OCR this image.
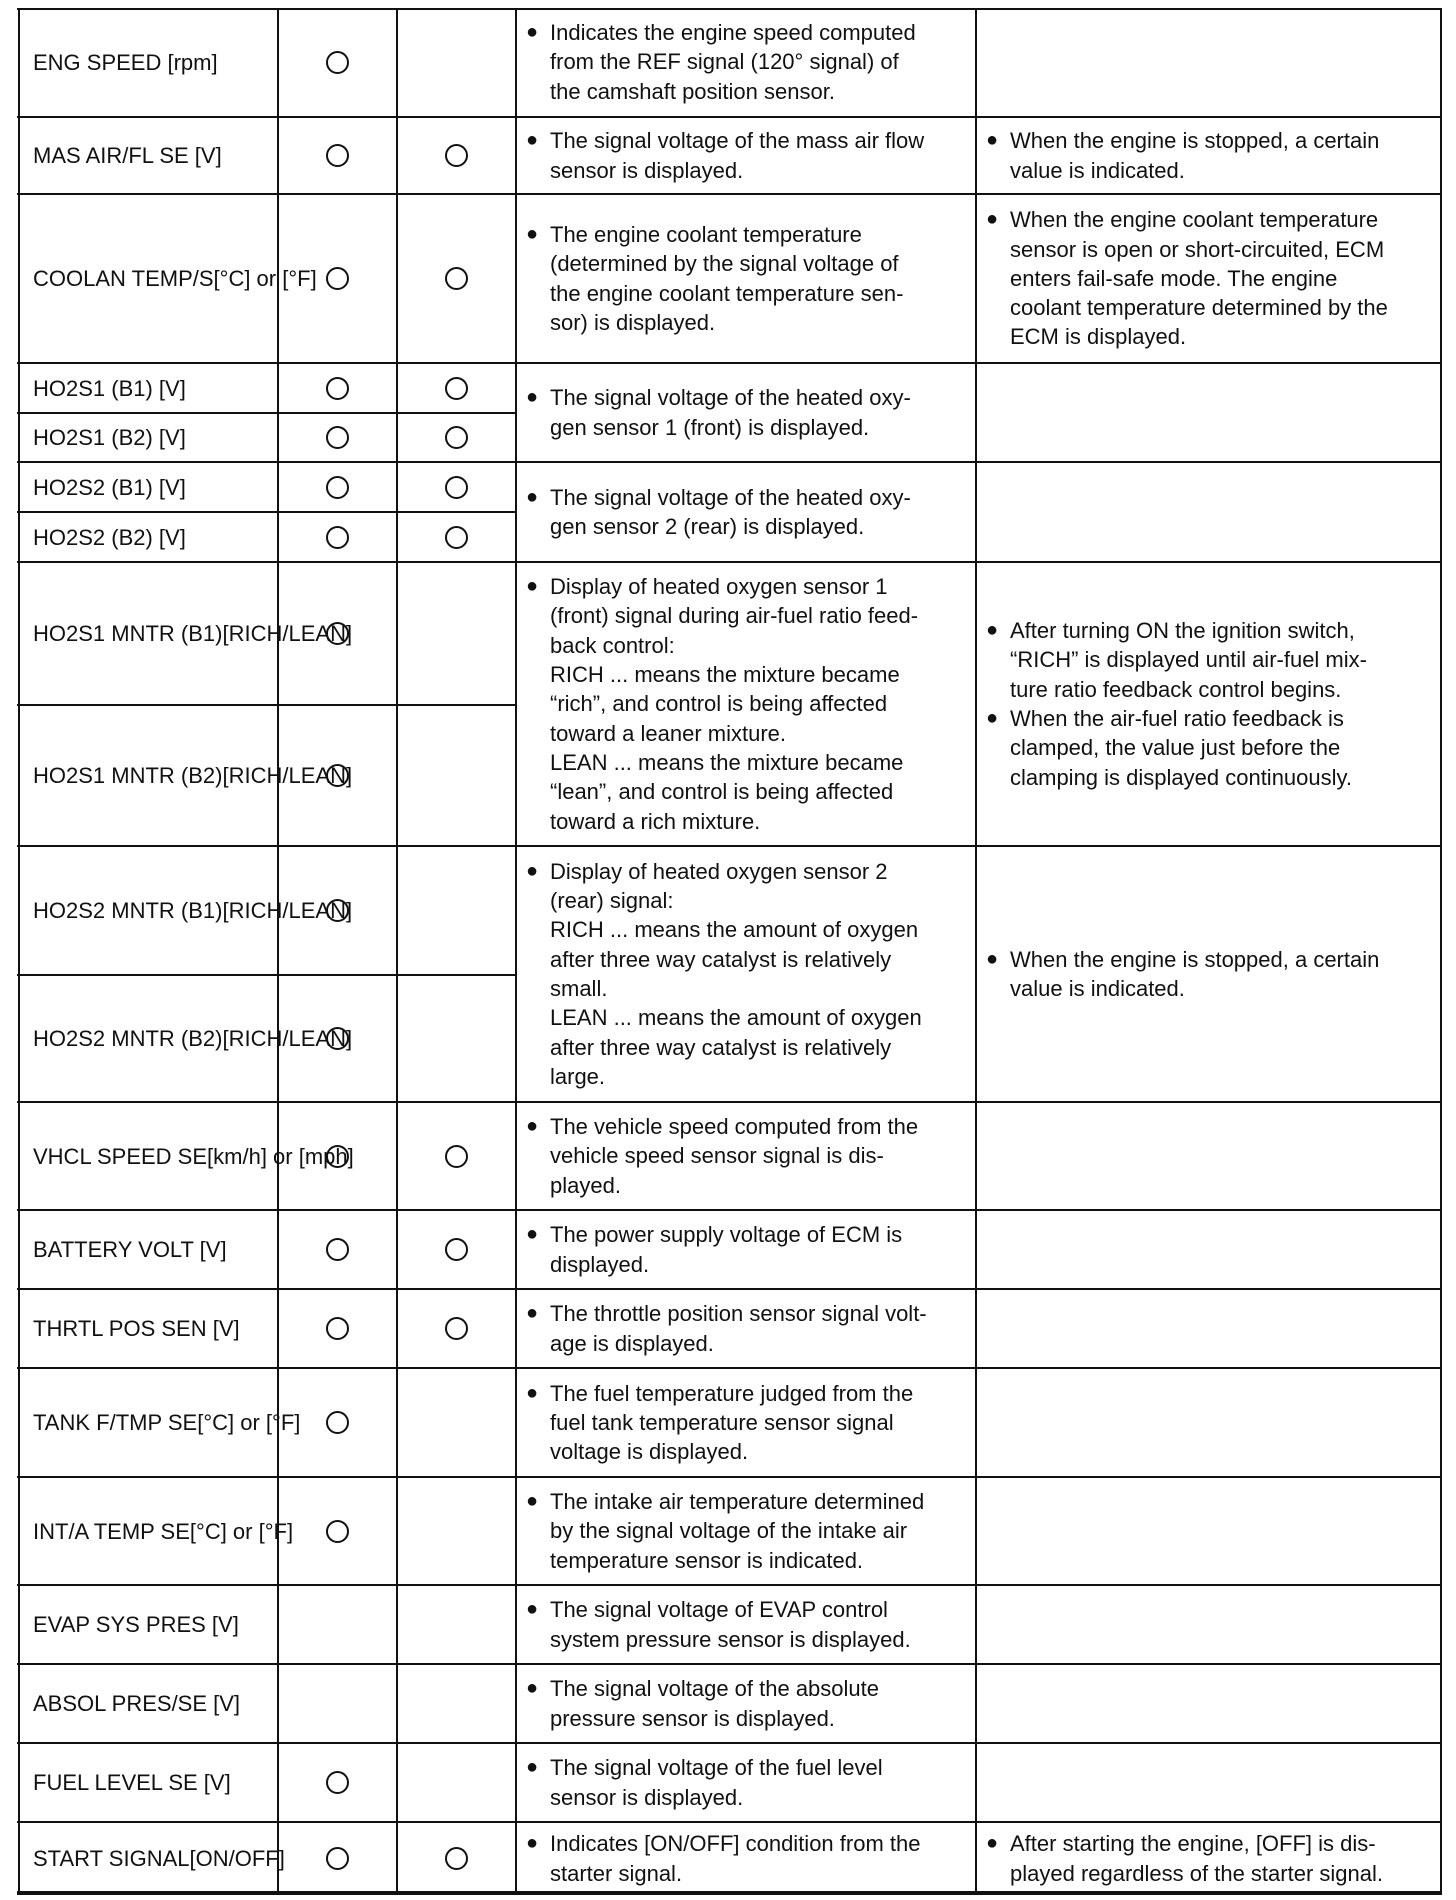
ENG SPEED [rpm]
MAS AIR/FL SE [V]
COOLAN TEMP/S [°C] or [°F]
HO2S1 (B1) [V]
HO2S1 (B2) [V]
HO2S2 (B1) [V]
HO2S2 (B2) [V]
HO2S1 MNTR (B1) [RICH/LEAN]
HO2S1 MNTR (B2) [RICH/LEAN]
HO2S2 MNTR (B1) [RICH/LEAN]
HO2S2 MNTR (B2) [RICH/LEAN]
VHCL SPEED SE [km/h] or [mph]
BATTERY VOLT [V]
THRTL POS SEN [V]
TANK F/TMP SE [°C] or [°F]
INT/A TEMP SE [°C] or [°F]
EVAP SYS PRES [V]
ABSOL PRES/SE [V]
FUEL LEVEL SE [V]
START SIGNAL [ON/OFF]
● Indicates the engine speed computed
from the REF signal (120° signal) of
the camshaft position sensor.
● The signal voltage of the mass air flow
sensor is displayed.
● When the engine is stopped, a certain
value is indicated.
● The engine coolant temperature
(determined by the signal voltage of
the engine coolant temperature sen-
sor) is displayed.
● When the engine coolant temperature
sensor is open or short-circuited, ECM
enters fail-safe mode. The engine
coolant temperature determined by the
ECM is displayed.
● The vehicle speed computed from the
vehicle speed sensor signal is dis-
played.
● The power supply voltage of ECM is
displayed.
● The throttle position sensor signal volt-
age is displayed.
● The fuel temperature judged from the
fuel tank temperature sensor signal
voltage is displayed.
● The intake air temperature determined
by the signal voltage of the intake air
temperature sensor is indicated.
● The signal voltage of EVAP control
system pressure sensor is displayed.
● The signal voltage of the absolute
pressure sensor is displayed.
● The signal voltage of the fuel level
sensor is displayed.
● Indicates [ON/OFF] condition from the
starter signal.
● After starting the engine, [OFF] is dis-
played regardless of the starter signal.
● The signal voltage of the heated oxy-
gen sensor 1 (front) is displayed.
● The signal voltage of the heated oxy-
gen sensor 2 (rear) is displayed.
● Display of heated oxygen sensor 1
(front) signal during air-fuel ratio feed-
back control:
RICH ... means the mixture became
“rich”, and control is being affected
toward a leaner mixture.
LEAN ... means the mixture became
“lean”, and control is being affected
toward a rich mixture.
● After turning ON the ignition switch,
“RICH” is displayed until air-fuel mix-
ture ratio feedback control begins.
● When the air-fuel ratio feedback is
clamped, the value just before the
clamping is displayed continuously.
● Display of heated oxygen sensor 2
(rear) signal:
RICH ... means the amount of oxygen
after three way catalyst is relatively
small.
LEAN ... means the amount of oxygen
after three way catalyst is relatively
large.
● When the engine is stopped, a certain
value is indicated.
